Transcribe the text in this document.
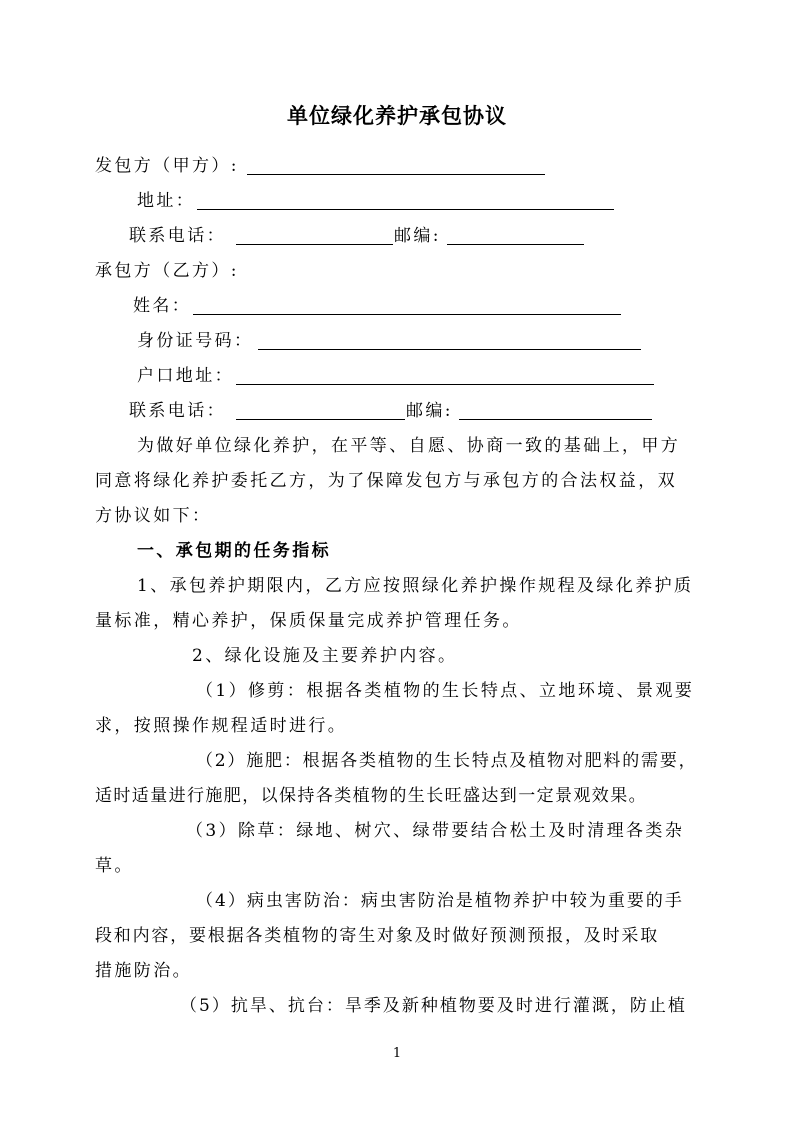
单位绿化养护承包协议
发包方（甲方）:
地址：
联系电话：	邮编:
承包方（乙方）:
姓名：
身份证号码：
户口地址：
联系电话：	邮编:
为做好单位绿化养护，在平等、自愿、协商一致的基础上，甲方
同意将绿化养护委托乙方，为了保障发包方与承包方的合法权益，双
方协议如下：
一、承包期的任务指标
1、承包养护期限内，乙方应按照绿化养护操作规程及绿化养护质
量标准，精心养护，保质保量完成养护管理任务。
2、绿化设施及主要养护内容。
（1）修剪：根据各类植物的生长特点、立地环境、景观要
求，按照操作规程适时进行。
（2）施肥：根据各类植物的生长特点及植物对肥料的需要，
适时适量进行施肥，以保持各类植物的生长旺盛达到一定景观效果。
（3）除草：绿地、树穴、绿带要结合松土及时清理各类杂
草。
（4）病虫害防治：病虫害防治是植物养护中较为重要的手
段和内容，要根据各类植物的寄生对象及时做好预测预报，及时采取
措施防治。
（5）抗旱、抗台：旱季及新种植物要及时进行灌溉，防止植
1
